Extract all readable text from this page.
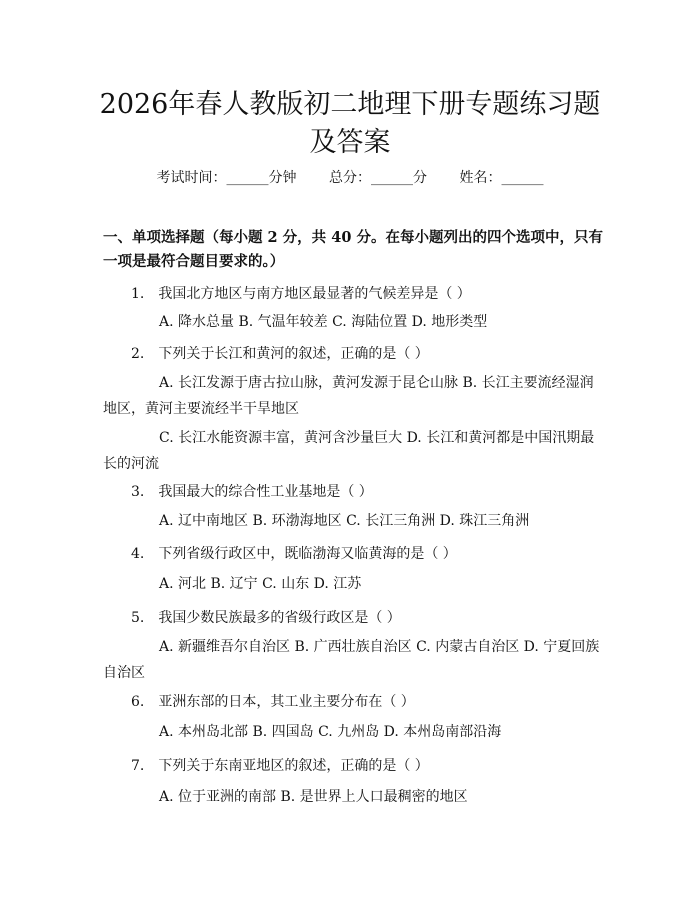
2026年春人教版初二地理下册专题练习题及答案
考试时间：______分钟 总分：______分 姓名：______
一、单项选择题（每小题 2 分，共 40 分。在每小题列出的四个选项中，只有一项是最符合题目要求的。）
1. 我国北方地区与南方地区最显著的气候差异是（ ）
A. 降水总量 B. 气温年较差 C. 海陆位置 D. 地形类型
2. 下列关于长江和黄河的叙述，正确的是（ ）
A. 长江发源于唐古拉山脉，黄河发源于昆仑山脉 B. 长江主要流经湿润地区，黄河主要流经半干旱地区
C. 长江水能资源丰富，黄河含沙量巨大 D. 长江和黄河都是中国汛期最长的河流
3. 我国最大的综合性工业基地是（ ）
A. 辽中南地区 B. 环渤海地区 C. 长江三角洲 D. 珠江三角洲
4. 下列省级行政区中，既临渤海又临黄海的是（ ）
A. 河北 B. 辽宁 C. 山东 D. 江苏
5. 我国少数民族最多的省级行政区是（ ）
A. 新疆维吾尔自治区 B. 广西壮族自治区 C. 内蒙古自治区 D. 宁夏回族自治区
6. 亚洲东部的日本，其工业主要分布在（ ）
A. 本州岛北部 B. 四国岛 C. 九州岛 D. 本州岛南部沿海
7. 下列关于东南亚地区的叙述，正确的是（ ）
A. 位于亚洲的南部 B. 是世界上人口最稠密的地区
